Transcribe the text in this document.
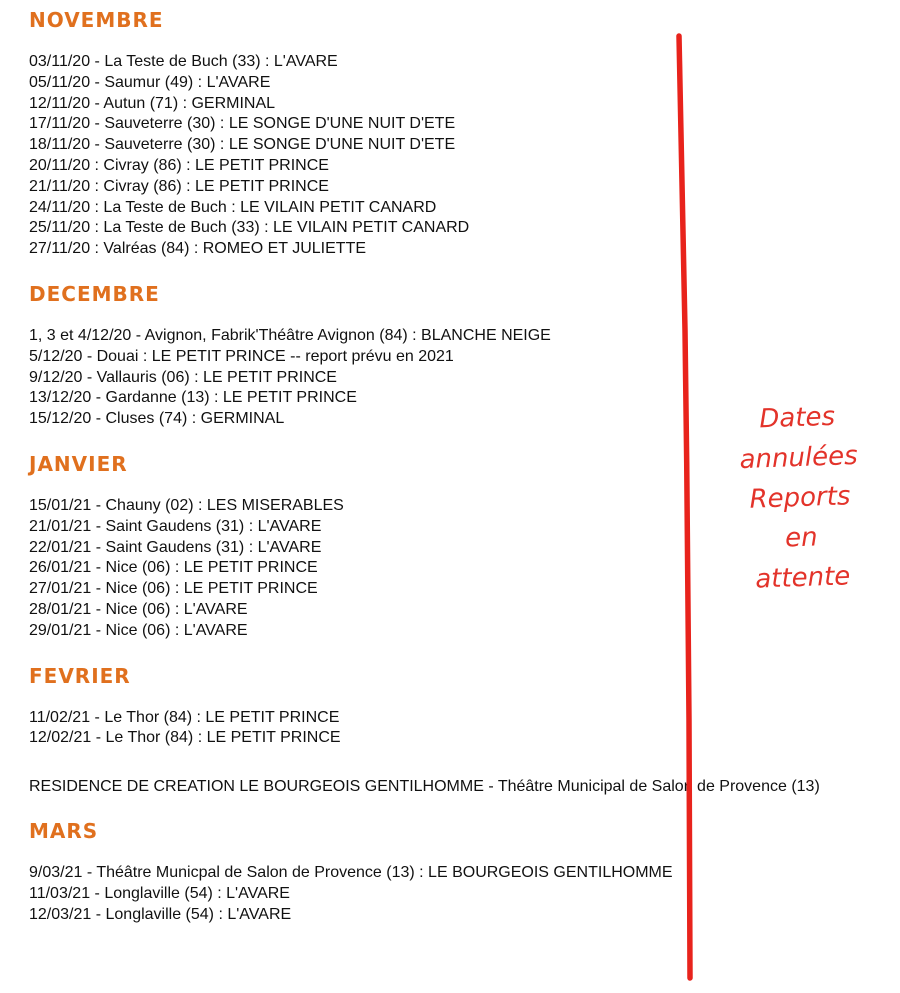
NOVEMBRE
03/11/20 - La Teste de Buch (33) : L'AVARE
05/11/20 - Saumur (49) : L'AVARE
12/11/20 - Autun (71) : GERMINAL
17/11/20 - Sauveterre (30) : LE SONGE D'UNE NUIT D'ETE
18/11/20 - Sauveterre (30) : LE SONGE D'UNE NUIT D'ETE
20/11/20 : Civray (86) : LE PETIT PRINCE
21/11/20 : Civray (86) : LE PETIT PRINCE
24/11/20 : La Teste de Buch : LE VILAIN PETIT CANARD
25/11/20 : La Teste de Buch (33) : LE VILAIN PETIT CANARD
27/11/20 : Valréas (84) : ROMEO ET JULIETTE
DECEMBRE
1, 3 et 4/12/20 - Avignon, Fabrik'Théâtre Avignon (84) : BLANCHE NEIGE
5/12/20 - Douai : LE PETIT PRINCE -- report prévu en 2021
9/12/20 - Vallauris (06) : LE PETIT PRINCE
13/12/20 - Gardanne (13) : LE PETIT PRINCE
15/12/20 - Cluses (74) : GERMINAL
JANVIER
15/01/21 - Chauny (02) : LES MISERABLES
21/01/21 - Saint Gaudens (31) : L'AVARE
22/01/21 - Saint Gaudens (31) : L'AVARE
26/01/21 - Nice (06) : LE PETIT PRINCE
27/01/21 - Nice (06) : LE PETIT PRINCE
28/01/21 - Nice (06) : L'AVARE
29/01/21 - Nice (06) : L'AVARE
FEVRIER
11/02/21 - Le Thor (84) : LE PETIT PRINCE
12/02/21 - Le Thor (84) : LE PETIT PRINCE
RESIDENCE DE CREATION LE BOURGEOIS GENTILHOMME - Théâtre Municipal de Salon de Provence (13)
MARS
9/03/21 - Théâtre Municpal de Salon de Provence (13) : LE BOURGEOIS GENTILHOMME
11/03/21 - Longlaville (54) : L'AVARE
12/03/21 - Longlaville (54) : L'AVARE
Dates
annulées
Reports
en
attente
